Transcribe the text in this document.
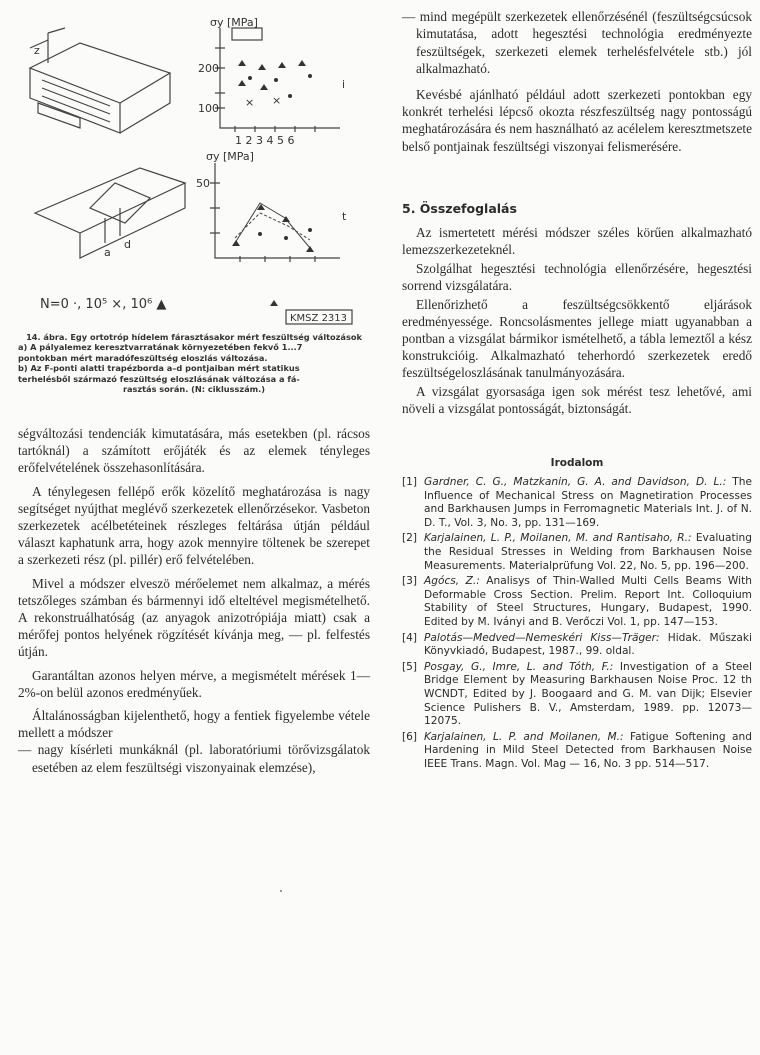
× ×
σy [MPa]
200
100
1 2 3 4 5 6
i
σy [MPa]
50
t
a
d
N=0 ·, 10⁵ ×, 10⁶ ▲
KMSZ 2313
z
14. ábra. Egy ortotróp hídelem fárasztásakor mért feszültség változások
a) A pályalemez keresztvarratának környezetében fekvő 1...7
pontokban mért maradófeszültség eloszlás változása.
b) Az F-ponti alatti trapézborda a–d pontjaiban mért statikus
terhelésből származó feszültség eloszlásának változása a fá-
rasztás során. (N: ciklusszám.)

ségváltozási tendenciák kimutatására, más esetekben (pl. rácsos tartóknál) a számított erőjáték és az elemek tényleges erőfelvételének összehasonlítására.

A ténylegesen fellépő erők közelítő meghatározása is nagy segítséget nyújthat meglévő szerkezetek ellenőrzésekor. Vasbeton szerkezetek acélbetéteinek részleges feltárása útján például választ kaphatunk arra, hogy azok mennyire töltenek be szerepet a szerkezeti rész (pl. pillér) erő felvételében.

Mivel a módszer elveszö mérőelemet nem alkalmaz, a mérés tetszőleges számban és bármennyi idő elteltével megismételhető. A rekonstruálhatóság (az anyagok anizotrópiája miatt) csak a mérőfej pontos helyének rögzítését kívánja meg, — pl. felfestés útján.

Garantáltan azonos helyen mérve, a megismételt mérések 1—2%-on belül azonos eredményűek.

Általánosságban kijelenthető, hogy a fentiek figyelembe vétele mellett a módszer

— nagy kísérleti munkáknál (pl. laboratóriumi törővizsgálatok esetében az elem feszültségi viszonyainak elemzése),

— mind megépült szerkezetek ellenőrzésénél (feszültségcsúcsok kimutatása, adott hegesztési technológia eredményezte feszültségek, szerkezeti elemek terhelésfelvétele stb.) jól alkalmazható.

Kevésbé ajánlható például adott szerkezeti pontokban egy konkrét terhelési lépcső okozta részfeszültség nagy pontosságú meghatározására és nem használható az acélelem keresztmetszete belső pontjainak feszültségi viszonyai felismerésére.

5. Összefoglalás

Az ismertetett mérési módszer széles körűen alkalmazható lemezszerkezeteknél.

Szolgálhat hegesztési technológia ellenőrzésére, hegesztési sorrend vizsgálatára.

Ellenőrizhető a feszültségcsökkentő eljárások eredményessége. Roncsolásmentes jellege miatt ugyanabban a pontban a vizsgálat bármikor ismételhető, a tábla lemeztől a kész konstrukcióig. Alkalmazható teherhordó szerkezetek eredő feszültségeloszlásának tanulmányozására.

A vizsgálat gyorsasága igen sok mérést tesz lehetővé, ami növeli a vizsgálat pontosságát, biztonságát.

Irodalom
[1] Gardner, C. G., Matzkanin, G. A. and Davidson, D. L.: The Influence of Mechanical Stress on Magnetiration Processes and Barkhausen Jumps in Ferromagnetic Materials Int. J. of N. D. T., Vol. 3, No. 3, pp. 131—169.
[2] Karjalainen, L. P., Moilanen, M. and Rantisaho, R.: Evaluating the Residual Stresses in Welding from Barkhausen Noise Measurements. Materialprüfung Vol. 22, No. 5, pp. 196—200.
[3] Agócs, Z.: Analisys of Thin-Walled Multi Cells Beams With Deformable Cross Section. Prelim. Report Int. Colloquium Stability of Steel Structures, Hungary, Budapest, 1990. Edited by M. Iványi and B. Verőczi Vol. 1, pp. 147—153.
[4] Palotás—Medved—Nemeskéri Kiss—Träger: Hidak. Műszaki Könyvkiadó, Budapest, 1987., 99. oldal.
[5] Posgay, G., Imre, L. and Tóth, F.: Investigation of a Steel Bridge Element by Measuring Barkhausen Noise Proc. 12 th WCNDT, Edited by J. Boogaard and G. M. van Dijk; Elsevier Science Pulishers B. V., Amsterdam, 1989. pp. 12073—12075.
[6] Karjalainen, L. P. and Moilanen, M.: Fatigue Softening and Hardening in Mild Steel Detected from Barkhausen Noise IEEE Trans. Magn. Vol. Mag — 16, No. 3 pp. 514—517.
